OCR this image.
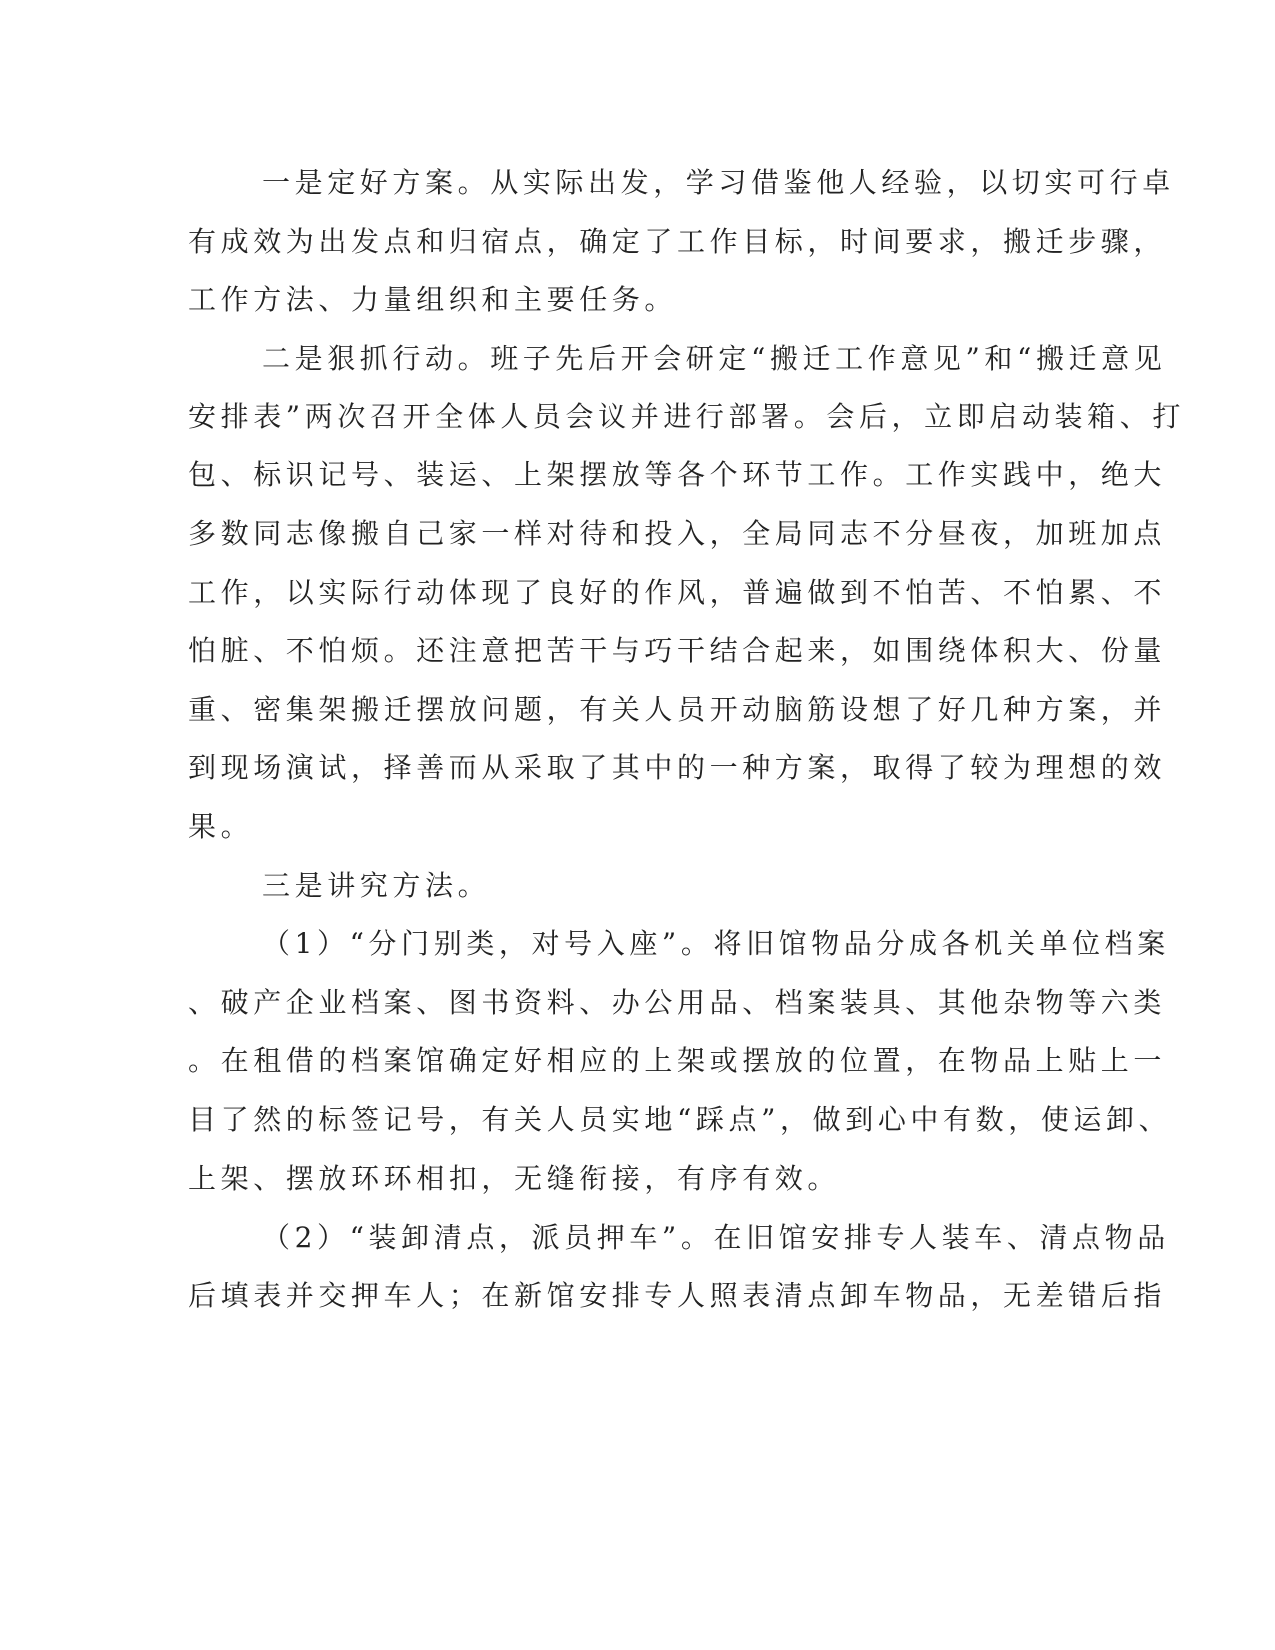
一是定好方案。从实际出发，学习借鉴他人经验，以切实可行卓
有成效为出发点和归宿点，确定了工作目标，时间要求，搬迁步骤，
工作方法、力量组织和主要任务。
二是狠抓行动。班子先后开会研定“搬迁工作意见”和“搬迁意见
安排表”两次召开全体人员会议并进行部署。会后，立即启动装箱、打
包、标识记号、装运、上架摆放等各个环节工作。工作实践中，绝大
多数同志像搬自己家一样对待和投入，全局同志不分昼夜，加班加点
工作，以实际行动体现了良好的作风，普遍做到不怕苦、不怕累、不
怕脏、不怕烦。还注意把苦干与巧干结合起来，如围绕体积大、份量
重、密集架搬迁摆放问题，有关人员开动脑筋设想了好几种方案，并
到现场演试，择善而从采取了其中的一种方案，取得了较为理想的效
果。
三是讲究方法。
（1）“分门别类，对号入座”。将旧馆物品分成各机关单位档案
、破产企业档案、图书资料、办公用品、档案装具、其他杂物等六类
。在租借的档案馆确定好相应的上架或摆放的位置，在物品上贴上一
目了然的标签记号，有关人员实地“踩点”，做到心中有数，使运卸、
上架、摆放环环相扣，无缝衔接，有序有效。
（2）“装卸清点，派员押车”。在旧馆安排专人装车、清点物品
后填表并交押车人；在新馆安排专人照表清点卸车物品，无差错后指
